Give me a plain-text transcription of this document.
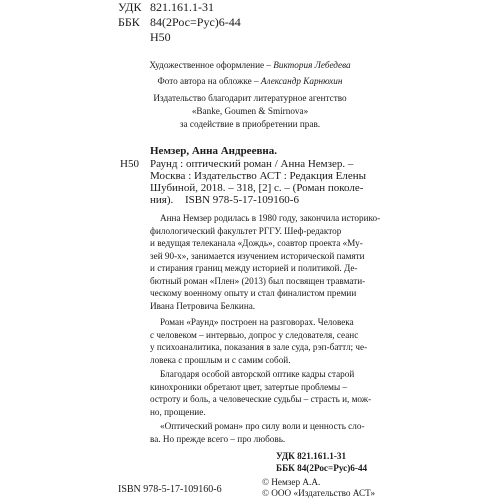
УДК 821.161.1-31
ББК 84(2Рос=Рус)6-44
Н50
Художественное оформление – Виктория Лебедева
Фото автора на обложке – Александр Карнюхин
Издательство благодарит литературное агентство
«Banke, Goumen & Smirnova»
за содействие в приобретении прав.
Немзер, Анна Андреевна.
Н50 Раунд : оптический роман / Анна Немзер. –
Москва : Издательство АСТ : Редакция Елены
Шубиной, 2018. – 318, [2] с. – (Роман поколе-
ния).	ISBN 978-5-17-109160-6
Анна Немзер родилась в 1980 году, закончила историко-
филологический факультет РГГУ. Шеф-редактор
и ведущая телеканала «Дождь», соавтор проекта «Му-
зей 90-х», занимается изучением исторической памяти
и стирания границ между историей и политикой. Де-
бютный роман «Плен» (2013) был посвящен травмати-
ческому военному опыту и стал финалистом премии
Ивана Петровича Белкина.
Роман «Раунд» построен на разговорах. Человека
с человеком – интервью, допрос у следователя, сеанс
у психоаналитика, показания в зале суда, рэп-баттл; че-
ловека с прошлым и с самим собой.
Благодаря особой авторской оптике кадры старой
кинохроники обретают цвет, затертые проблемы –
остроту и боль, а человеческие судьбы – страсть и, мож-
но, прощение.
«Оптический роман» про силу воли и ценность сло-
ва. Но прежде всего – про любовь.
УДК 821.161.1-31
ББК 84(2Рос=Рус)6-44
ISBN 978-5-17-109160-6
© Немзер А.А.
© ООО «Издательство АСТ»
